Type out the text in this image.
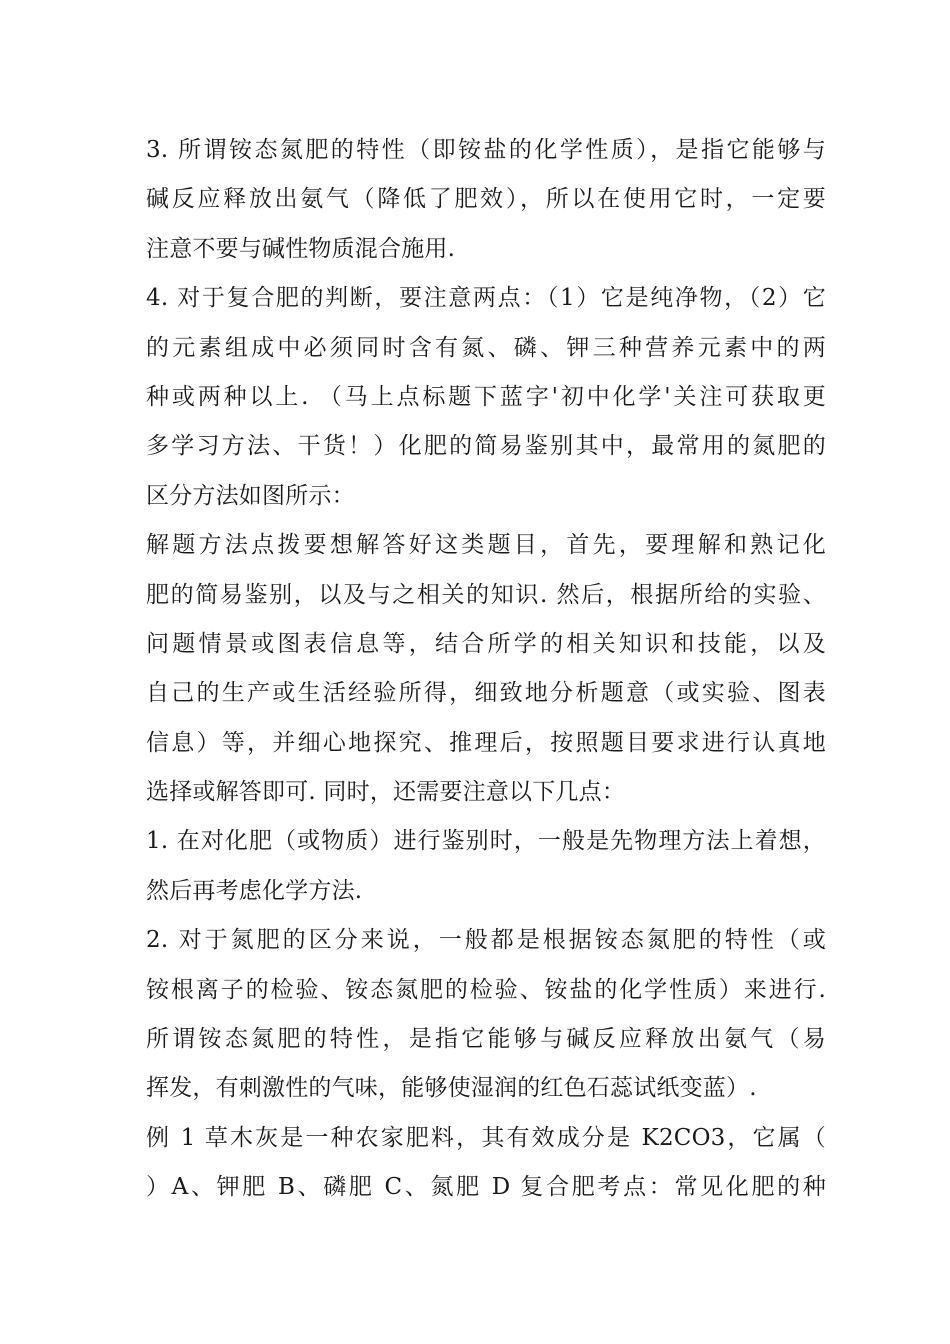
3. 所谓铵态氮肥的特性（即铵盐的化学性质），是指它能够与
碱反应释放出氨气（降低了肥效），所以在使用它时，一定要
注意不要与碱性物质混合施用.
4. 对于复合肥的判断，要注意两点：（1）它是纯净物，（2）它
的元素组成中必须同时含有氮、磷、钾三种营养元素中的两
种或两种以上. （马上点标题下蓝字'初中化学'关注可获取更
多学习方法、干货！）化肥的简易鉴别其中，最常用的氮肥的
区分方法如图所示：
解题方法点拨要想解答好这类题目，首先，要理解和熟记化
肥的简易鉴别，以及与之相关的知识. 然后，根据所给的实验、
问题情景或图表信息等，结合所学的相关知识和技能，以及
自己的生产或生活经验所得，细致地分析题意（或实验、图表
信息）等，并细心地探究、推理后，按照题目要求进行认真地
选择或解答即可. 同时，还需要注意以下几点：
1. 在对化肥（或物质）进行鉴别时，一般是先物理方法上着想，
然后再考虑化学方法.
2. 对于氮肥的区分来说，一般都是根据铵态氮肥的特性（或
铵根离子的检验、铵态氮肥的检验、铵盐的化学性质）来进行.
所谓铵态氮肥的特性，是指它能够与碱反应释放出氨气（易
挥发，有刺激性的气味，能够使湿润的红色石蕊试纸变蓝）.
例 1 草木灰是一种农家肥料，其有效成分是 K2CO3，它属（
）A、钾肥 B、磷肥 C、氮肥 D 复合肥考点：常见化肥的种
